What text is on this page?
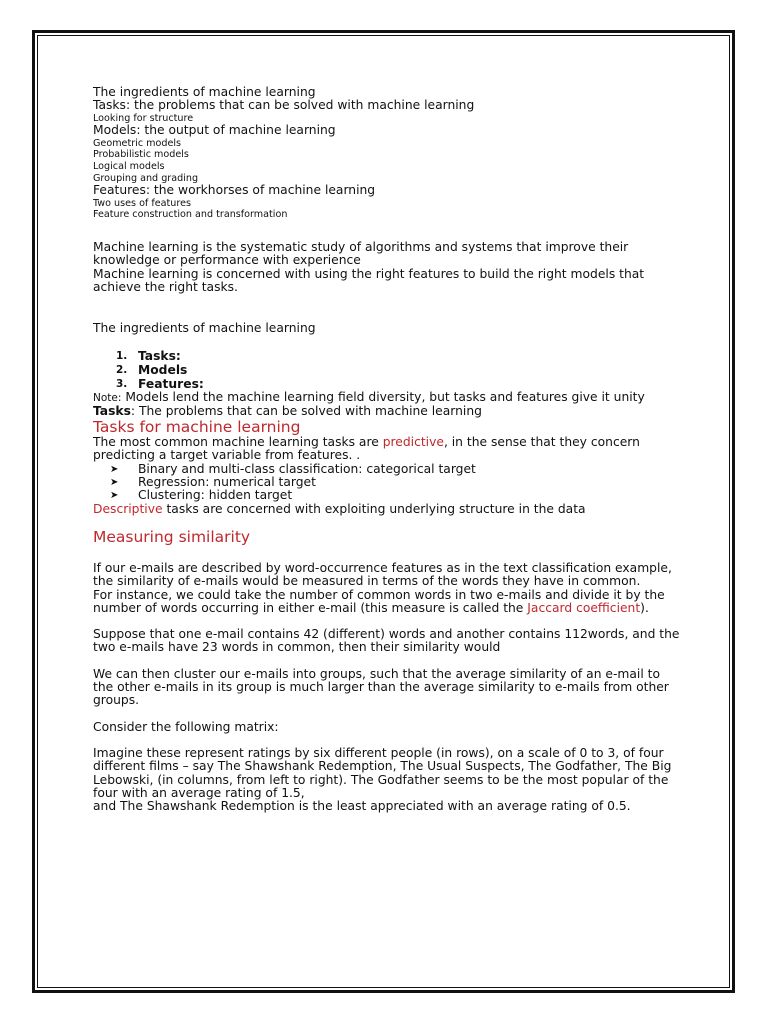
The ingredients of machine learning
Tasks: the problems that can be solved with machine learning
Looking for structure
Models: the output of machine learning
Geometric models
Probabilistic models
Logical models
Grouping and grading
Features: the workhorses of machine learning
Two uses of features
Feature construction and transformation
Machine learning is the systematic study of algorithms and systems that improve their knowledge or performance with experience
Machine learning is concerned with using the right features to build the right models that achieve the right tasks.
The ingredients of machine learning
1. Tasks:
2. Models
3. Features:
Note: Models lend the machine learning field diversity, but tasks and features give it unity
Tasks: The problems that can be solved with machine learning
Tasks for machine learning
The most common machine learning tasks are predictive, in the sense that they concern predicting a target variable from features. .
➤ Binary and multi-class classification: categorical target
➤ Regression: numerical target
➤ Clustering: hidden target
Descriptive tasks are concerned with exploiting underlying structure in the data
Measuring similarity
If our e-mails are described by word-occurrence features as in the text classification example, the similarity of e-mails would be measured in terms of the words they have in common.
For instance, we could take the number of common words in two e-mails and divide it by the number of words occurring in either e-mail (this measure is called the Jaccard coefficient).
Suppose that one e-mail contains 42 (different) words and another contains 112words, and the two e-mails have 23 words in common, then their similarity would
We can then cluster our e-mails into groups, such that the average similarity of an e-mail to the other e-mails in its group is much larger than the average similarity to e-mails from other groups.
Consider the following matrix:
Imagine these represent ratings by six different people (in rows), on a scale of 0 to 3, of four different films – say The Shawshank Redemption, The Usual Suspects, The Godfather, The Big Lebowski, (in columns, from left to right). The Godfather seems to be the most popular of the four with an average rating of 1.5,
and The Shawshank Redemption is the least appreciated with an average rating of 0.5.
